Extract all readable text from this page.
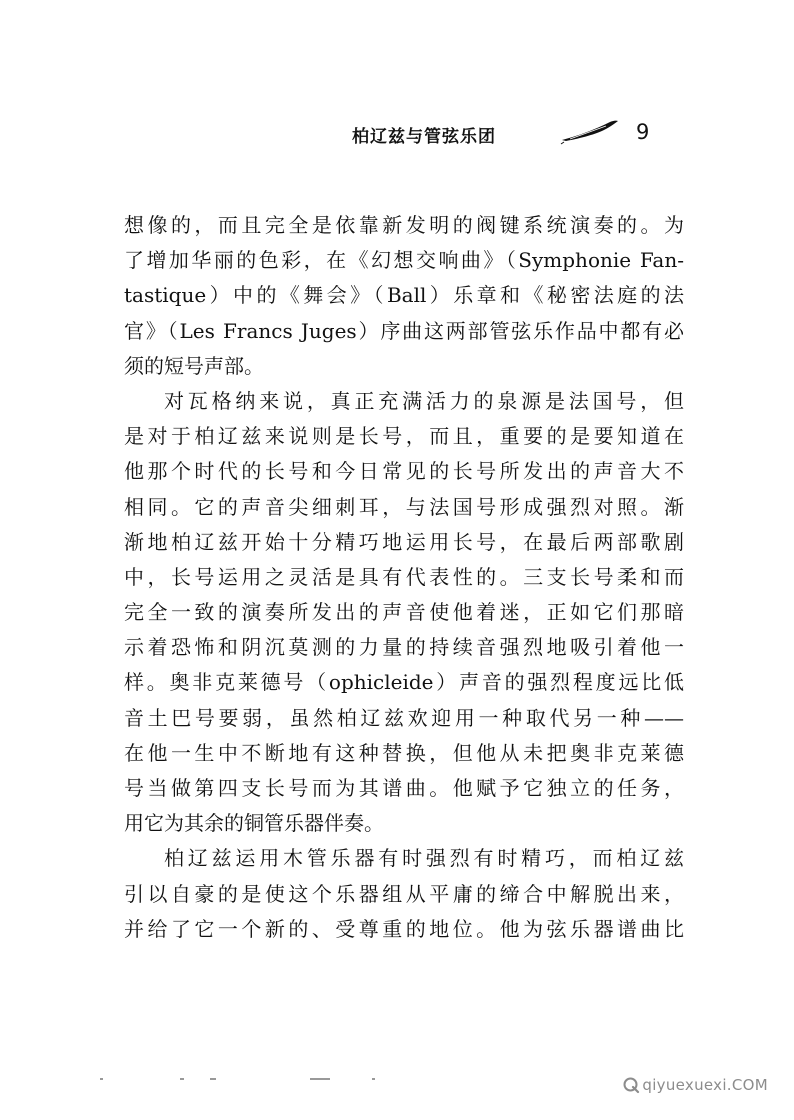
柏辽兹与管弦乐团	9
想像的，而且完全是依靠新发明的阀键系统演奏的。为
了增加华丽的色彩，在《幻想交响曲》（Symphonie Fan-
tastique）中的《舞会》（Ball）乐章和《秘密法庭的法
官》（Les Francs Juges）序曲这两部管弦乐作品中都有必
须的短号声部。
对瓦格纳来说，真正充满活力的泉源是法国号，但
是对于柏辽兹来说则是长号，而且，重要的是要知道在
他那个时代的长号和今日常见的长号所发出的声音大不
相同。它的声音尖细刺耳，与法国号形成强烈对照。渐
渐地柏辽兹开始十分精巧地运用长号，在最后两部歌剧
中，长号运用之灵活是具有代表性的。三支长号柔和而
完全一致的演奏所发出的声音使他着迷，正如它们那暗
示着恐怖和阴沉莫测的力量的持续音强烈地吸引着他一
样。奥非克莱德号（ophicleide）声音的强烈程度远比低
音土巴号要弱，虽然柏辽兹欢迎用一种取代另一种——
在他一生中不断地有这种替换，但他从未把奥非克莱德
号当做第四支长号而为其谱曲。他赋予它独立的任务，
用它为其余的铜管乐器伴奏。
柏辽兹运用木管乐器有时强烈有时精巧，而柏辽兹
引以自豪的是使这个乐器组从平庸的缔合中解脱出来，
并给了它一个新的、受尊重的地位。他为弦乐器谱曲比
qiyuexuexi.COM
